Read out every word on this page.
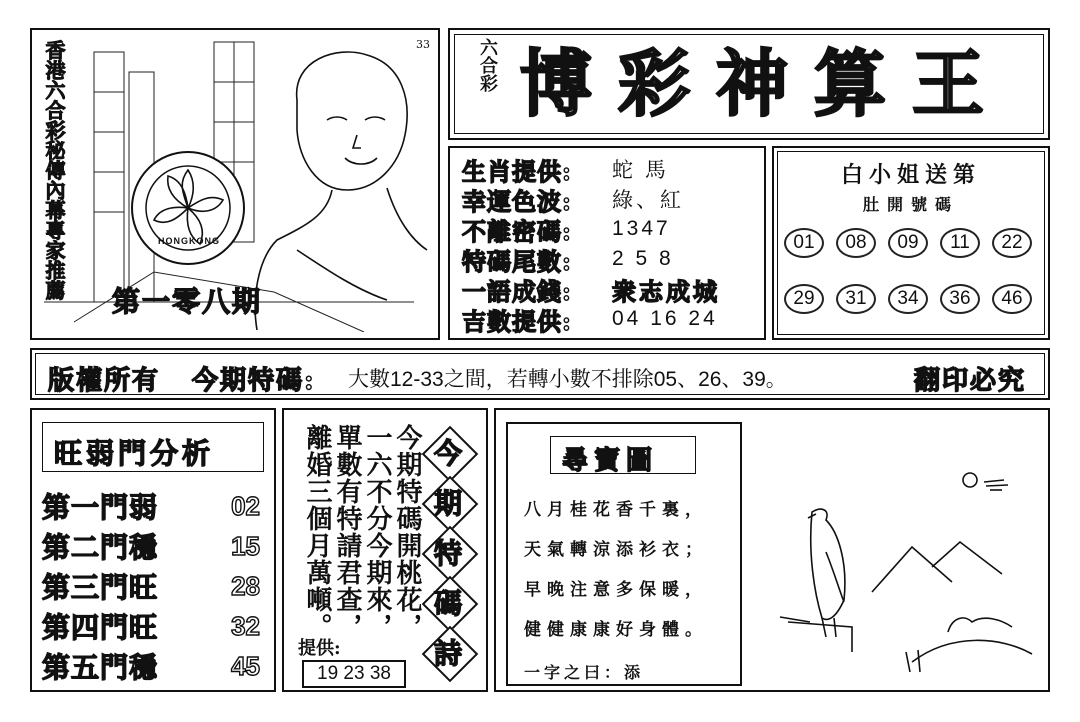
六合彩 博彩神算王
香港六合彩秘傳內幕專家推薦	33
HONGKONG
第一零八期
生肖提供:	蛇 馬
幸運色波:	綠、紅
不離密碼:	1347
特碼尾數:	2 5 8
一語成錢:	衆志成城
吉數提供:	04 16 24
白小姐送第
肚開號碼
01	08	09	11	22
29	31	34	36	46
版權所有 今期特碼: 大數12-33之間，若轉小數不排除05、26、39。	翻印必究
旺弱門分析
第一門弱	02
第二門穩	15
第三門旺	28
第四門旺	32
第五門穩	45
今期特碼開桃花，
一六不分今期來，
單數有特請君查，
離婚三個月萬噸。	今
期
特
碼
詩
提供:
19 23 38
尋寶圖
八月桂花香千裏，
天氣轉涼添衫衣；
早晚注意多保暖，
健健康康好身體。
一字之曰：添
